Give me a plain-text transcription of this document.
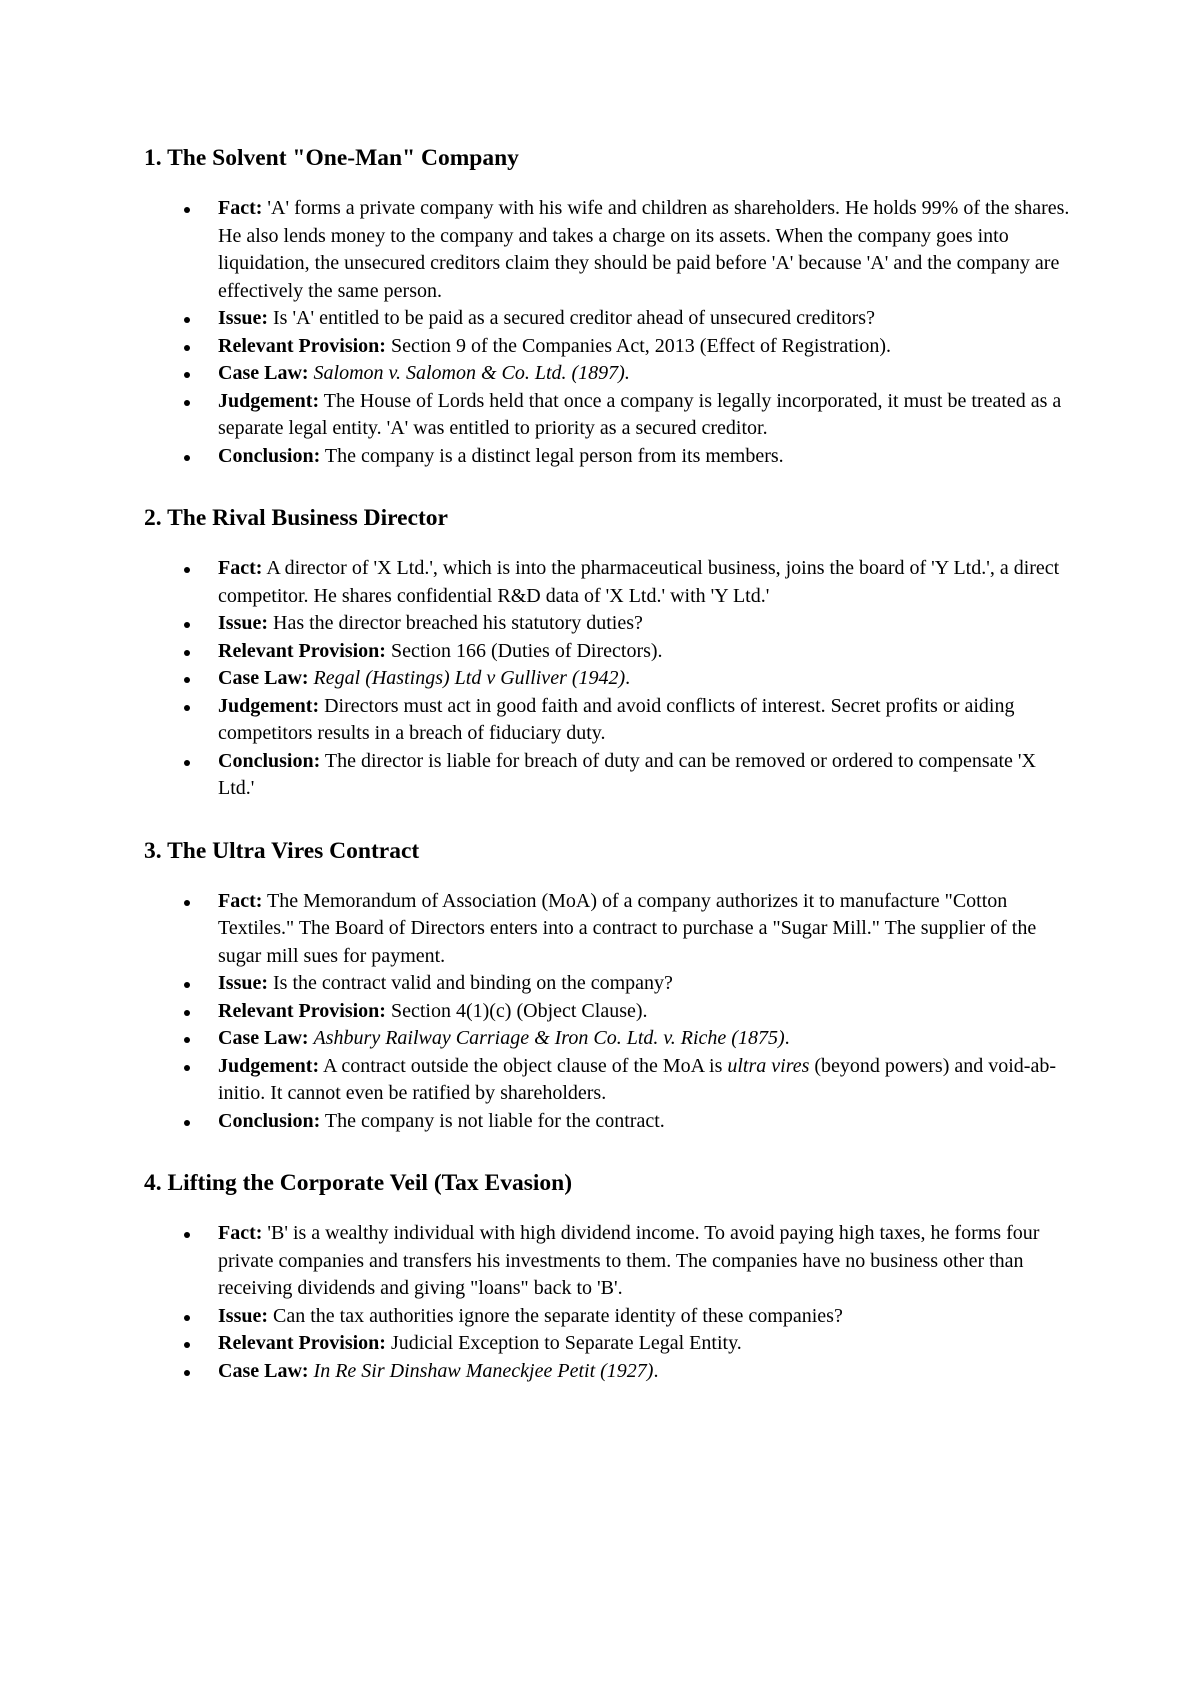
1. The Solvent "One-Man" Company
Fact: 'A' forms a private company with his wife and children as shareholders. He holds 99% of the shares. He also lends money to the company and takes a charge on its assets. When the company goes into liquidation, the unsecured creditors claim they should be paid before 'A' because 'A' and the company are effectively the same person.
Issue: Is 'A' entitled to be paid as a secured creditor ahead of unsecured creditors?
Relevant Provision: Section 9 of the Companies Act, 2013 (Effect of Registration).
Case Law: Salomon v. Salomon & Co. Ltd. (1897).
Judgement: The House of Lords held that once a company is legally incorporated, it must be treated as a separate legal entity. 'A' was entitled to priority as a secured creditor.
Conclusion: The company is a distinct legal person from its members.
2. The Rival Business Director
Fact: A director of 'X Ltd.', which is into the pharmaceutical business, joins the board of 'Y Ltd.', a direct competitor. He shares confidential R&D data of 'X Ltd.' with 'Y Ltd.'
Issue: Has the director breached his statutory duties?
Relevant Provision: Section 166 (Duties of Directors).
Case Law: Regal (Hastings) Ltd v Gulliver (1942).
Judgement: Directors must act in good faith and avoid conflicts of interest. Secret profits or aiding competitors results in a breach of fiduciary duty.
Conclusion: The director is liable for breach of duty and can be removed or ordered to compensate 'X Ltd.'
3. The Ultra Vires Contract
Fact: The Memorandum of Association (MoA) of a company authorizes it to manufacture "Cotton Textiles." The Board of Directors enters into a contract to purchase a "Sugar Mill." The supplier of the sugar mill sues for payment.
Issue: Is the contract valid and binding on the company?
Relevant Provision: Section 4(1)(c) (Object Clause).
Case Law: Ashbury Railway Carriage & Iron Co. Ltd. v. Riche (1875).
Judgement: A contract outside the object clause of the MoA is ultra vires (beyond powers) and void-ab-initio. It cannot even be ratified by shareholders.
Conclusion: The company is not liable for the contract.
4. Lifting the Corporate Veil (Tax Evasion)
Fact: 'B' is a wealthy individual with high dividend income. To avoid paying high taxes, he forms four private companies and transfers his investments to them. The companies have no business other than receiving dividends and giving "loans" back to 'B'.
Issue: Can the tax authorities ignore the separate identity of these companies?
Relevant Provision: Judicial Exception to Separate Legal Entity.
Case Law: In Re Sir Dinshaw Maneckjee Petit (1927).
